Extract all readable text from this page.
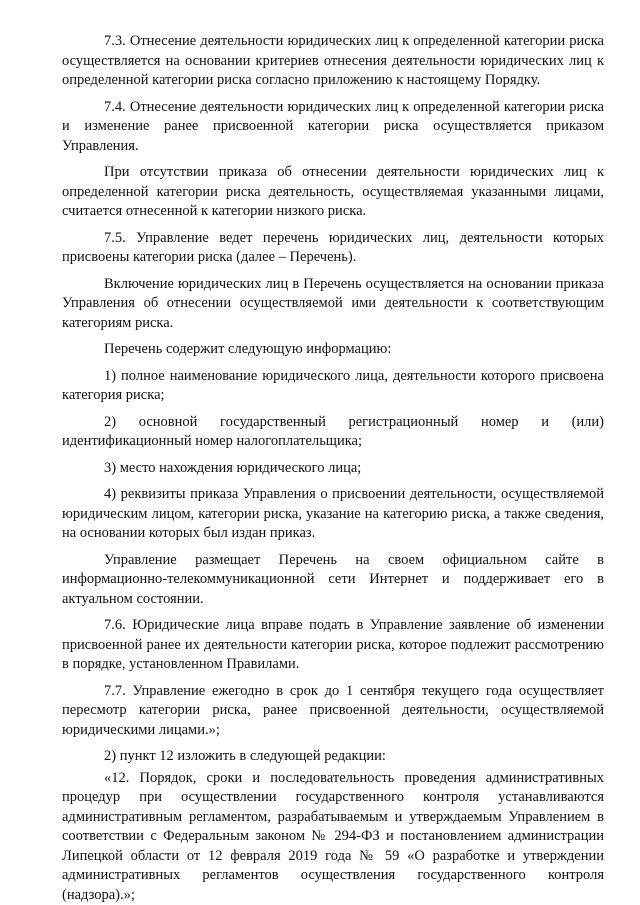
7.3. Отнесение деятельности юридических лиц к определенной категории риска осуществляется на основании критериев отнесения деятельности юридических лиц к определенной категории риска согласно приложению к настоящему Порядку.

7.4. Отнесение деятельности юридических лиц к определенной категории риска и изменение ранее присвоенной категории риска осуществляется приказом Управления.

При отсутствии приказа об отнесении деятельности юридических лиц к определенной категории риска деятельность, осуществляемая указанными лицами, считается отнесенной к категории низкого риска.

7.5. Управление ведет перечень юридических лиц, деятельности которых присвоены категории риска (далее – Перечень).

Включение юридических лиц в Перечень осуществляется на основании приказа Управления об отнесении осуществляемой ими деятельности к соответствующим категориям риска.

Перечень содержит следующую информацию:

1) полное наименование юридического лица, деятельности которого присвоена категория риска;

2) основной государственный регистрационный номер и (или) идентификационный номер налогоплательщика;

3) место нахождения юридического лица;

4) реквизиты приказа Управления о присвоении деятельности, осуществляемой юридическим лицом, категории риска, указание на категорию риска, а также сведения, на основании которых был издан приказ.

Управление размещает Перечень на своем официальном сайте в информационно-телекоммуникационной сети Интернет и поддерживает его в актуальном состоянии.

7.6. Юридические лица вправе подать в Управление заявление об изменении присвоенной ранее их деятельности категории риска, которое подлежит рассмотрению в порядке, установленном Правилами.

7.7. Управление ежегодно в срок до 1 сентября текущего года осуществляет пересмотр категории риска, ранее присвоенной деятельности, осуществляемой юридическими лицами.»;

2) пункт 12 изложить в следующей редакции:

«12. Порядок, сроки и последовательность проведения административных процедур при осуществлении государственного контроля устанавливаются административным регламентом, разрабатываемым и утверждаемым Управлением в соответствии с Федеральным законом № 294-ФЗ и постановлением администрации Липецкой области от 12 февраля 2019 года № 59 «О разработке и утверждении административных регламентов осуществления государственного контроля (надзора).»;
